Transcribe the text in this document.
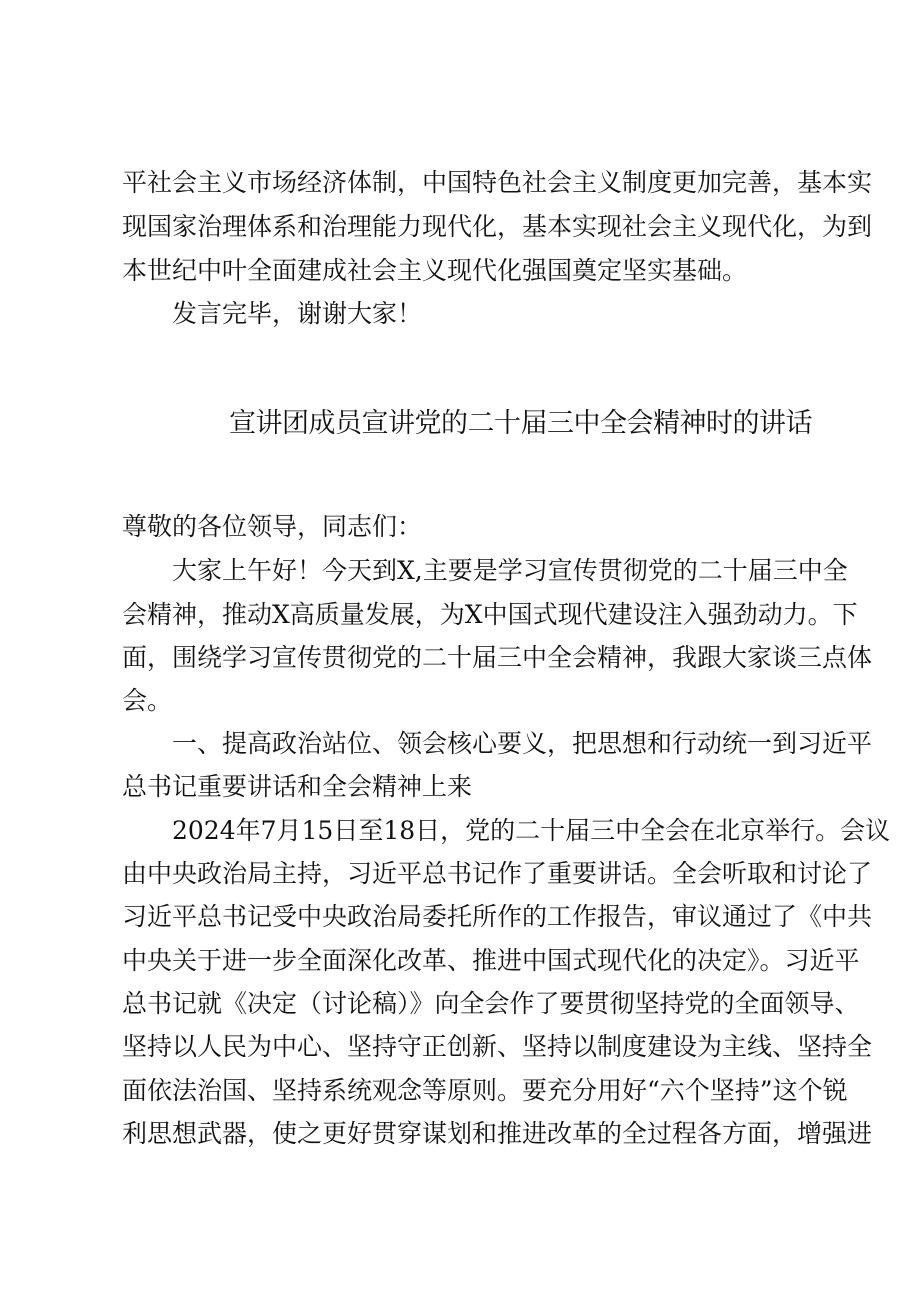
平社会主义市场经济体制，中国特色社会主义制度更加完善，基本实
现国家治理体系和治理能力现代化，基本实现社会主义现代化，为到
本世纪中叶全面建成社会主义现代化强国奠定坚实基础。
发言完毕，谢谢大家！
宣讲团成员宣讲党的二十届三中全会精神时的讲话
尊敬的各位领导，同志们：
大家上午好！今天到X,主要是学习宣传贯彻党的二十届三中全
会精神，推动X高质量发展，为X中国式现代建设注入强劲动力。下
面，围绕学习宣传贯彻党的二十届三中全会精神，我跟大家谈三点体
会。
一、提高政治站位、领会核心要义，把思想和行动统一到习近平
总书记重要讲话和全会精神上来
2024年7月15日至18日，党的二十届三中全会在北京举行。会议
由中央政治局主持，习近平总书记作了重要讲话。全会听取和讨论了
习近平总书记受中央政治局委托所作的工作报告，审议通过了《中共
中央关于进一步全面深化改革、推进中国式现代化的决定》。习近平
总书记就《决定（讨论稿）》向全会作了要贯彻坚持党的全面领导、
坚持以人民为中心、坚持守正创新、坚持以制度建设为主线、坚持全
面依法治国、坚持系统观念等原则。要充分用好“六个坚持”这个锐
利思想武器，使之更好贯穿谋划和推进改革的全过程各方面，增强进
